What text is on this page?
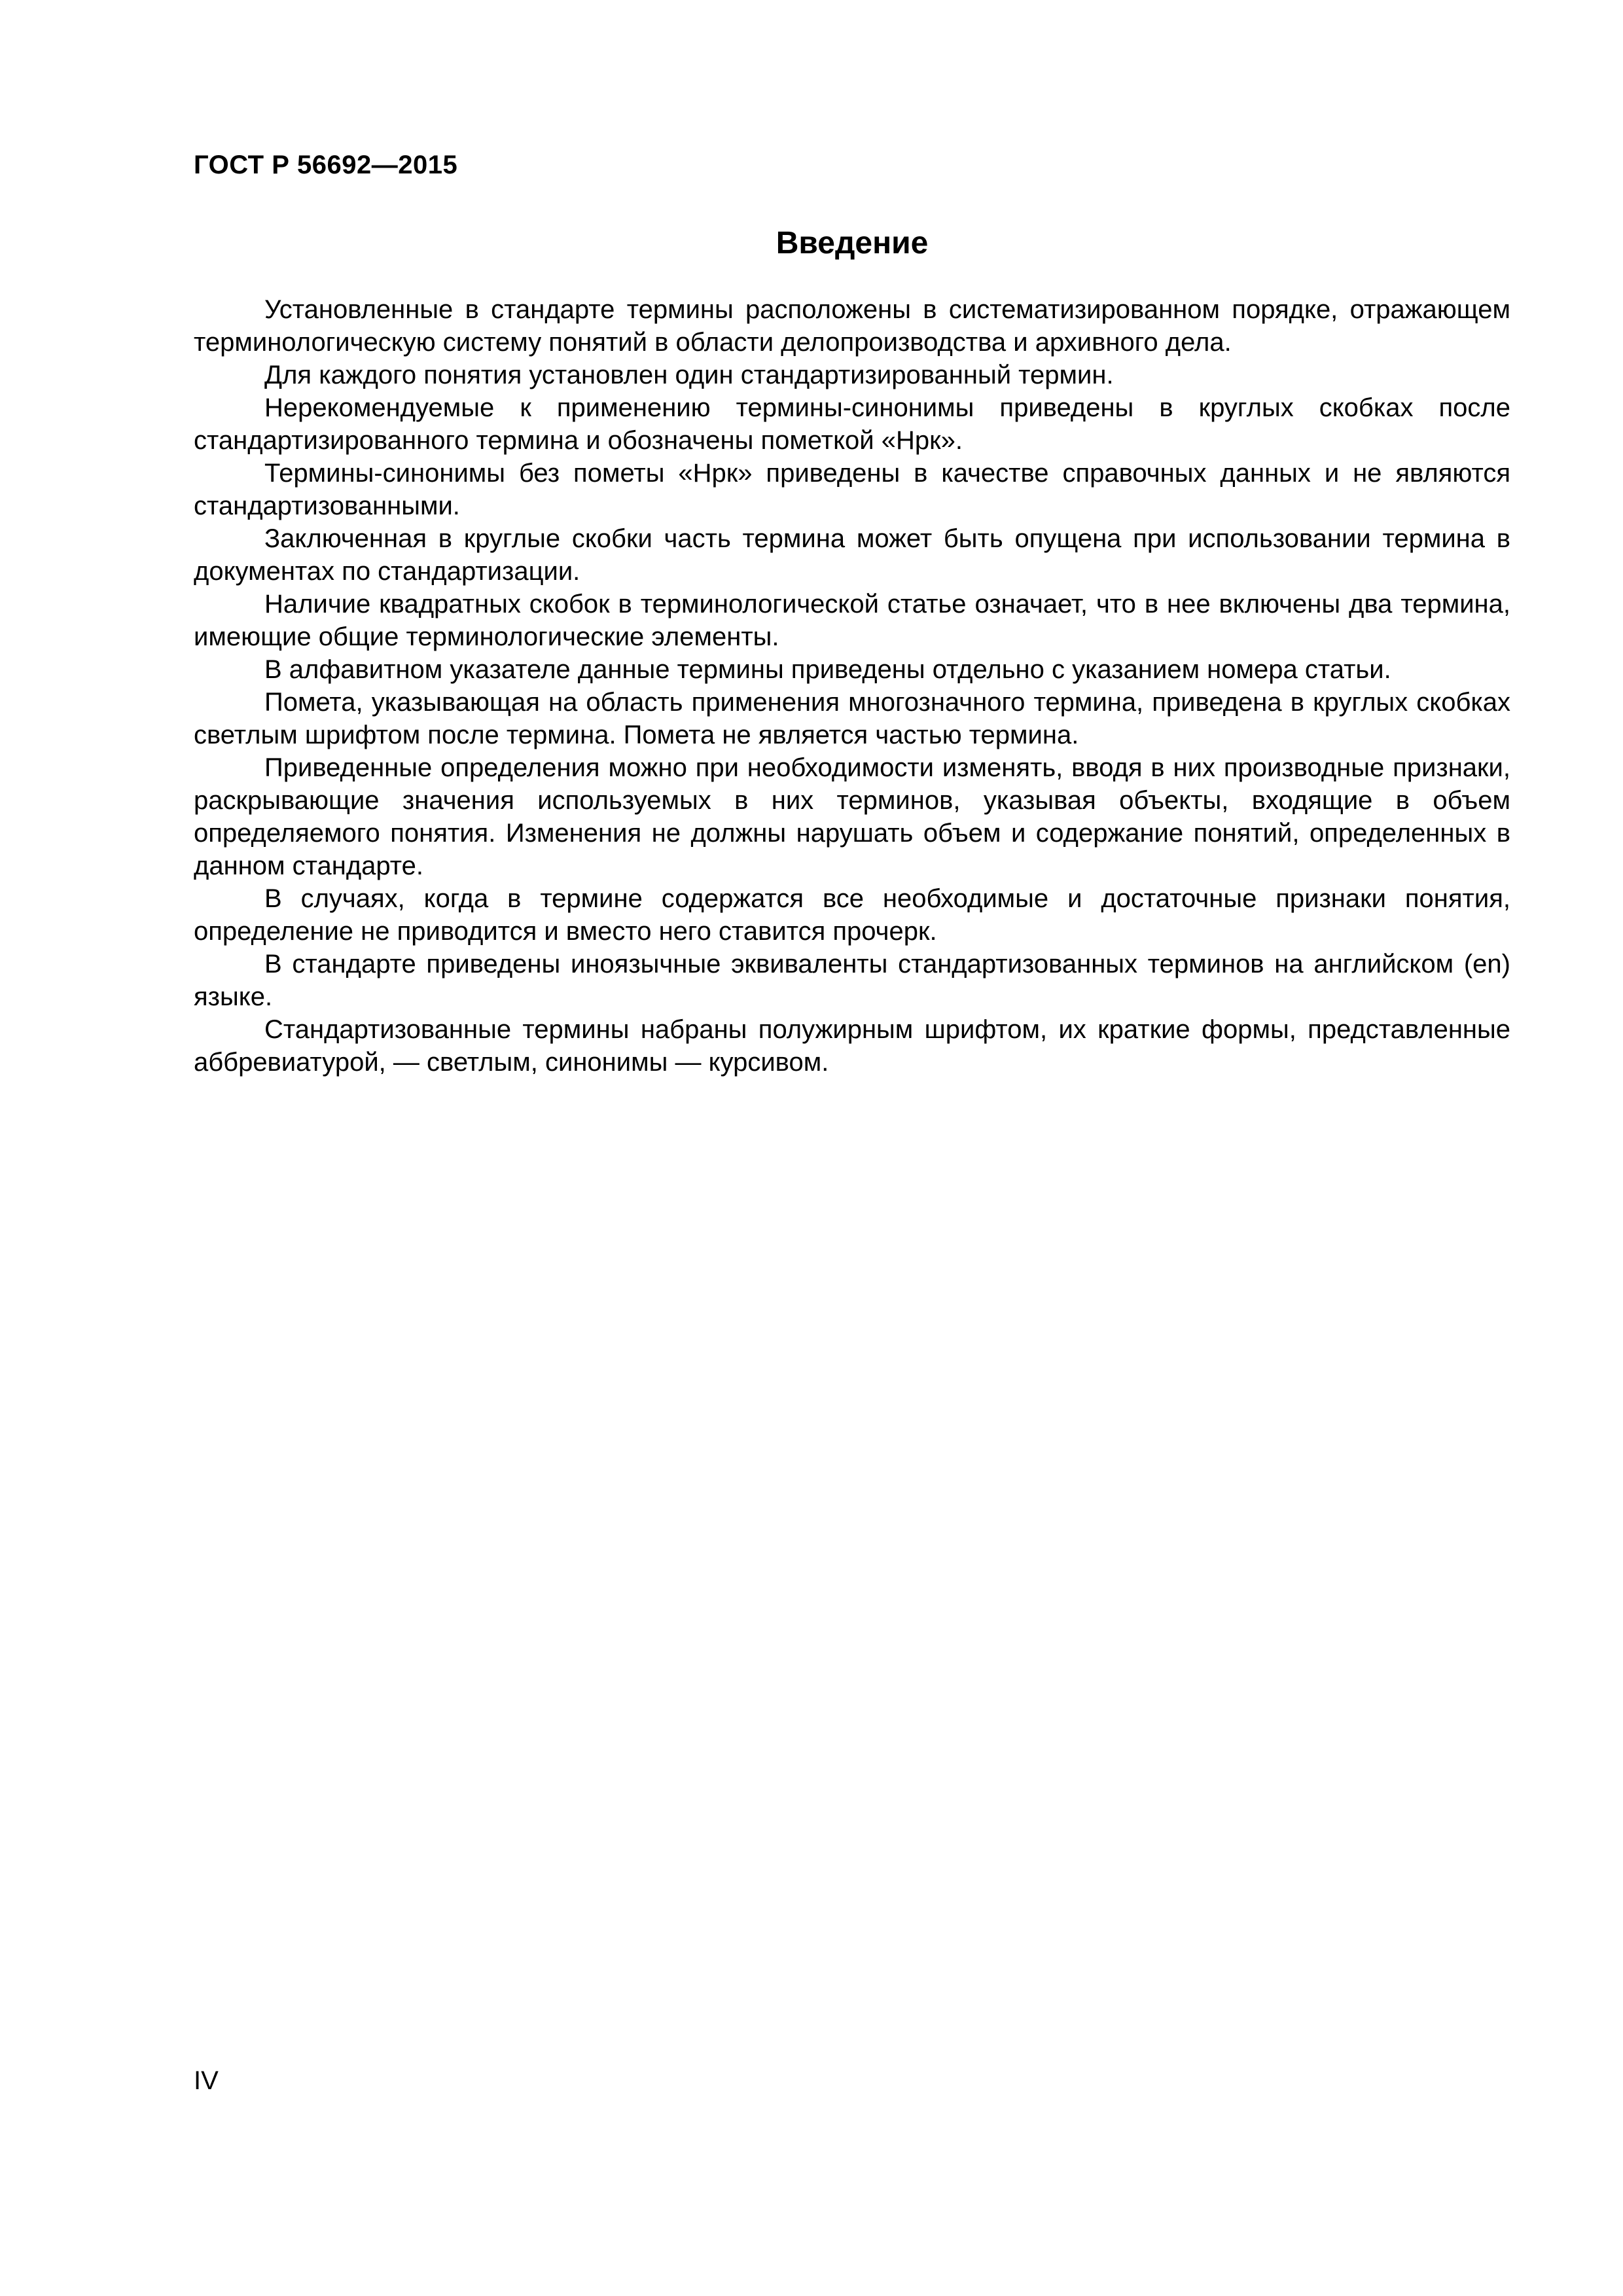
ГОСТ Р 56692—2015
Введение

Установленные в стандарте термины расположены в систематизированном порядке, отражающем терминологическую систему понятий в области делопроизводства и архивного дела.

Для каждого понятия установлен один стандартизированный термин.

Нерекомендуемые к применению термины-синонимы приведены в круглых скобках после стандартизированного термина и обозначены пометкой «Нрк».

Термины-синонимы без пометы «Нрк» приведены в качестве справочных данных и не являются стандартизованными.

Заключенная в круглые скобки часть термина может быть опущена при использовании термина в документах по стандартизации.

Наличие квадратных скобок в терминологической статье означает, что в нее включены два термина, имеющие общие терминологические элементы.

В алфавитном указателе данные термины приведены отдельно с указанием номера статьи.

Помета, указывающая на область применения многозначного термина, приведена в круглых скобках светлым шрифтом после термина. Помета не является частью термина.

Приведенные определения можно при необходимости изменять, вводя в них производные признаки, раскрывающие значения используемых в них терминов, указывая объекты, входящие в объем определяемого понятия. Изменения не должны нарушать объем и содержание понятий, определенных в данном стандарте.

В случаях, когда в термине содержатся все необходимые и достаточные признаки понятия, определение не приводится и вместо него ставится прочерк.

В стандарте приведены иноязычные эквиваленты стандартизованных терминов на английском (en) языке.

Стандартизованные термины набраны полужирным шрифтом, их краткие формы, представленные аббревиатурой, — светлым, синонимы — курсивом.

IV
